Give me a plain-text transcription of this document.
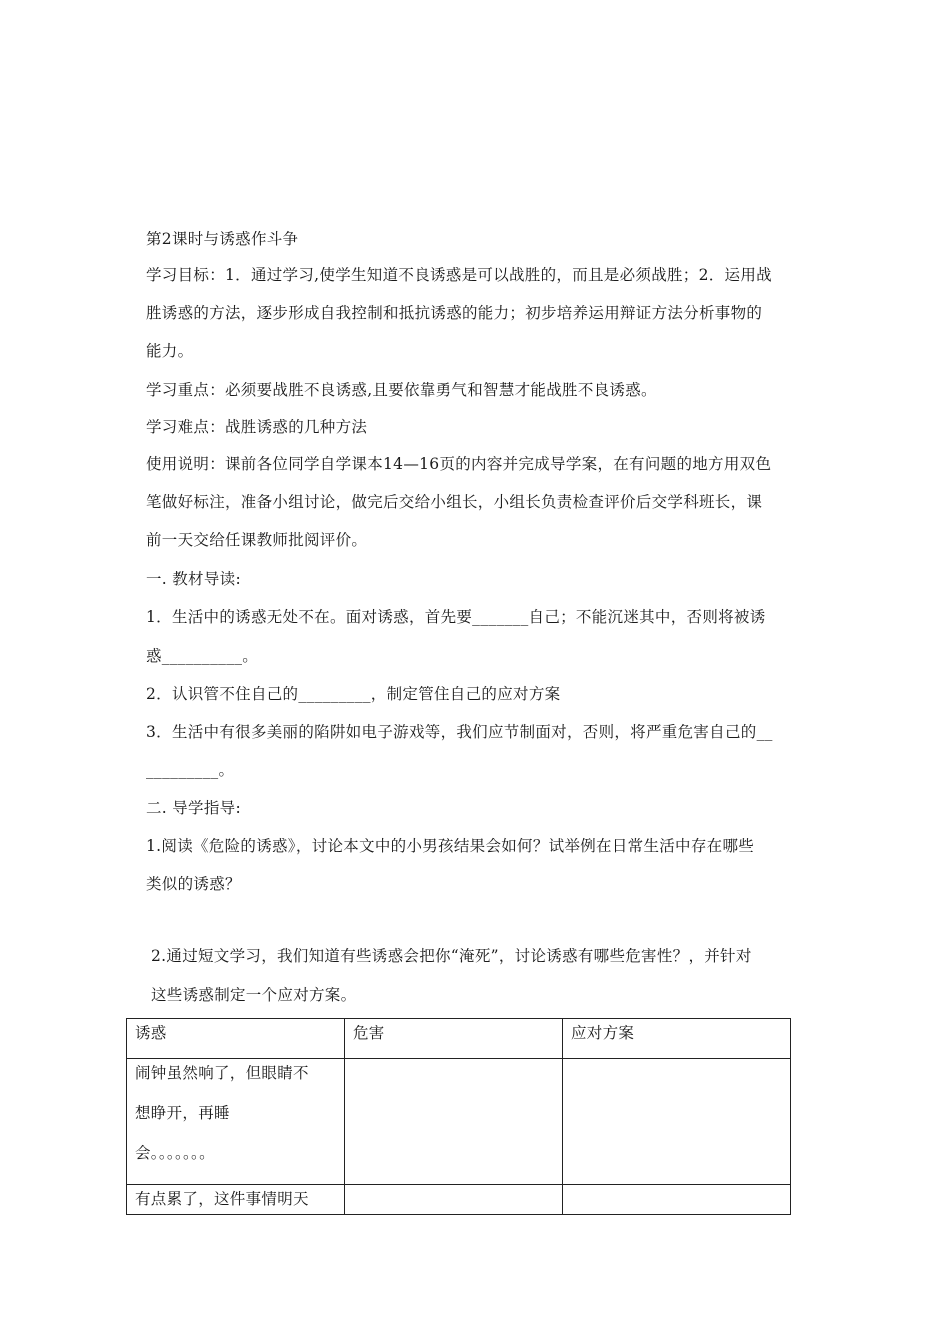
第2课时与诱惑作斗争
学习目标：1．通过学习,使学生知道不良诱惑是可以战胜的，而且是必须战胜；2．运用战
胜诱惑的方法，逐步形成自我控制和抵抗诱惑的能力；初步培养运用辩证方法分析事物的
能力。
学习重点：必须要战胜不良诱惑,且要依靠勇气和智慧才能战胜不良诱惑。
学习难点：战胜诱惑的几种方法
使用说明：课前各位同学自学课本14—16页的内容并完成导学案，在有问题的地方用双色
笔做好标注，准备小组讨论，做完后交给小组长，小组长负责检查评价后交学科班长，课
前一天交给任课教师批阅评价。
一. 教材导读:
1．生活中的诱惑无处不在。面对诱惑，首先要_______自己；不能沉迷其中，否则将被诱
惑__________。
2．认识管不住自己的_________，制定管住自己的应对方案
3．生活中有很多美丽的陷阱如电子游戏等，我们应节制面对，否则，将严重危害自己的__
_________。
二. 导学指导:
1.阅读《危险的诱惑》，讨论本文中的小男孩结果会如何？试举例在日常生活中存在哪些
类似的诱惑？
2.通过短文学习，我们知道有些诱惑会把你“淹死”，讨论诱惑有哪些危害性？，并针对
这些诱惑制定一个应对方案。
诱惑	危害	应对方案

闹钟虽然响了，但眼睛不
想睁开，再睡
会。。。。。。。		

有点累了，这件事情明天		
